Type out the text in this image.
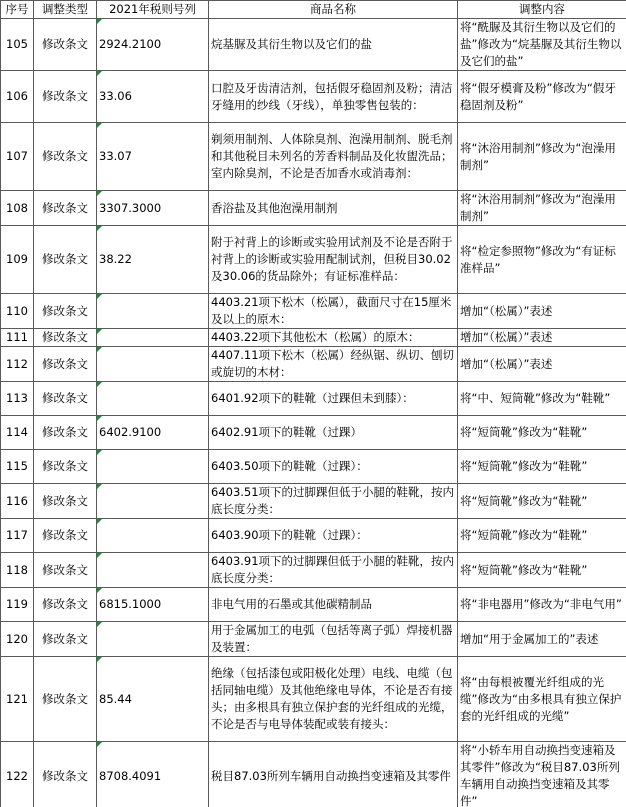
序号	调整类型	2021年税则号列	商品名称	调整内容
105	修改条文	2924.2100	烷基脲及其衍生物以及它们的盐	将“酰脲及其衍生物以及它们的盐”修改为“烷基脲及其衍生物以及它们的盐”
106	修改条文	33.06	口腔及牙齿清洁剂，包括假牙稳固剂及粉；清洁牙缝用的纱线（牙线），单独零售包装的：	将“假牙模膏及粉”修改为“假牙稳固剂及粉”
107	修改条文	33.07	剃须用制剂、人体除臭剂、泡澡用制剂、脱毛剂和其他税目未列名的芳香料制品及化妆盥洗品；室内除臭剂，不论是否加香水或消毒剂：	将“沐浴用制剂”修改为“泡澡用制剂”
108	修改条文	3307.3000	香浴盐及其他泡澡用制剂	将“沐浴用制剂”修改为“泡澡用制剂”
109	修改条文	38.22	附于衬背上的诊断或实验用试剂及不论是否附于衬背上的诊断或实验用配制试剂，但税目30.02及30.06的货品除外；有证标准样品：	将“检定参照物”修改为“有证标准样品”
110	修改条文		4403.21项下松木（松属），截面尺寸在15厘米及以上的原木：	增加“（松属）”表述
111	修改条文		4403.22项下其他松木（松属）的原木：	增加“（松属）”表述
112	修改条文		4407.11项下松木（松属）经纵锯、纵切、刨切或旋切的木材：	增加“（松属）”表述
113	修改条文		6401.92项下的鞋靴（过踝但未到膝）：	将“中、短筒靴”修改为“鞋靴”
114	修改条文	6402.9100	6402.91项下的鞋靴（过踝）	将“短筒靴”修改为“鞋靴”
115	修改条文		6403.50项下的鞋靴（过踝）：	将“短筒靴”修改为“鞋靴”
116	修改条文		6403.51项下的过脚踝但低于小腿的鞋靴，按内底长度分类：	将“短筒靴”修改为“鞋靴”
117	修改条文		6403.90项下的鞋靴（过踝）：	将“短筒靴”修改为“鞋靴”
118	修改条文		6403.91项下的过脚踝但低于小腿的鞋靴，按内底长度分类：	将“短筒靴”修改为“鞋靴”
119	修改条文	6815.1000	非电气用的石墨或其他碳精制品	将“非电器用”修改为“非电气用”
120	修改条文		用于金属加工的电弧（包括等离子弧）焊接机器及装置：	增加“用于金属加工的”表述
121	修改条文	85.44	绝缘（包括漆包或阳极化处理）电线、电缆（包括同轴电缆）及其他绝缘电导体，不论是否有接头；由多根具有独立保护套的光纤组成的光缆，不论是否与电导体装配或装有接头：	将“由每根被覆光纤组成的光缆”修改为“由多根具有独立保护套的光纤组成的光缆”
122	修改条文	8708.4091	税目87.03所列车辆用自动换挡变速箱及其零件	将“小轿车用自动换挡变速箱及其零件”修改为“税目87.03所列车辆用自动换挡变速箱及其零件”
